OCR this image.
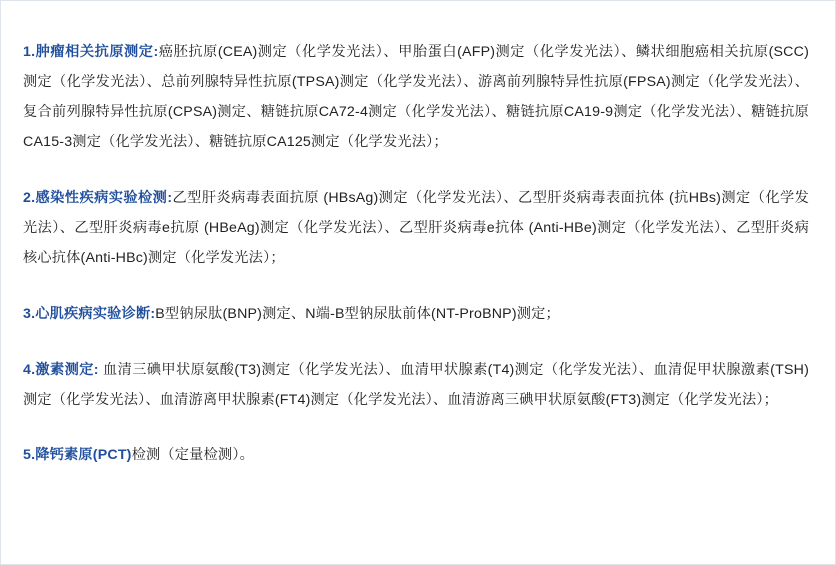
1.肿瘤相关抗原测定:癌胚抗原(CEA)测定（化学发光法）、甲胎蛋白(AFP)测定（化学发光法）、鳞状细胞癌相关抗原(SCC) 测定（化学发光法）、总前列腺特异性抗原(TPSA)测定（化学发光法）、游离前列腺特异性抗原(FPSA)测定（化学发光法）、复合前列腺特异性抗原(CPSA)测定、糖链抗原CA72-4测定（化学发光法）、糖链抗原CA19-9测定（化学发光法）、糖链抗原CA15-3测定（化学发光法）、糖链抗原CA125测定（化学发光法）；

2.感染性疾病实验检测:乙型肝炎病毒表面抗原 (HBsAg)测定（化学发光法）、乙型肝炎病毒表面抗体 (抗HBs)测定（化学发光法）、乙型肝炎病毒e抗原 (HBeAg)测定（化学发光法）、乙型肝炎病毒e抗体 (Anti-HBe)测定（化学发光法）、乙型肝炎病核心抗体(Anti-HBc)测定（化学发光法）；

3.心肌疾病实验诊断:B型钠尿肽(BNP)测定、N端-B型钠尿肽前体(NT-ProBNP)测定；

4.激素测定: 血清三碘甲状原氨酸(T3)测定（化学发光法）、血清甲状腺素(T4)测定（化学发光法）、血清促甲状腺激素(TSH)测定（化学发光法）、血清游离甲状腺素(FT4)测定（化学发光法）、血清游离三碘甲状原氨酸(FT3)测定（化学发光法）；

5.降钙素原(PCT)检测（定量检测）。
